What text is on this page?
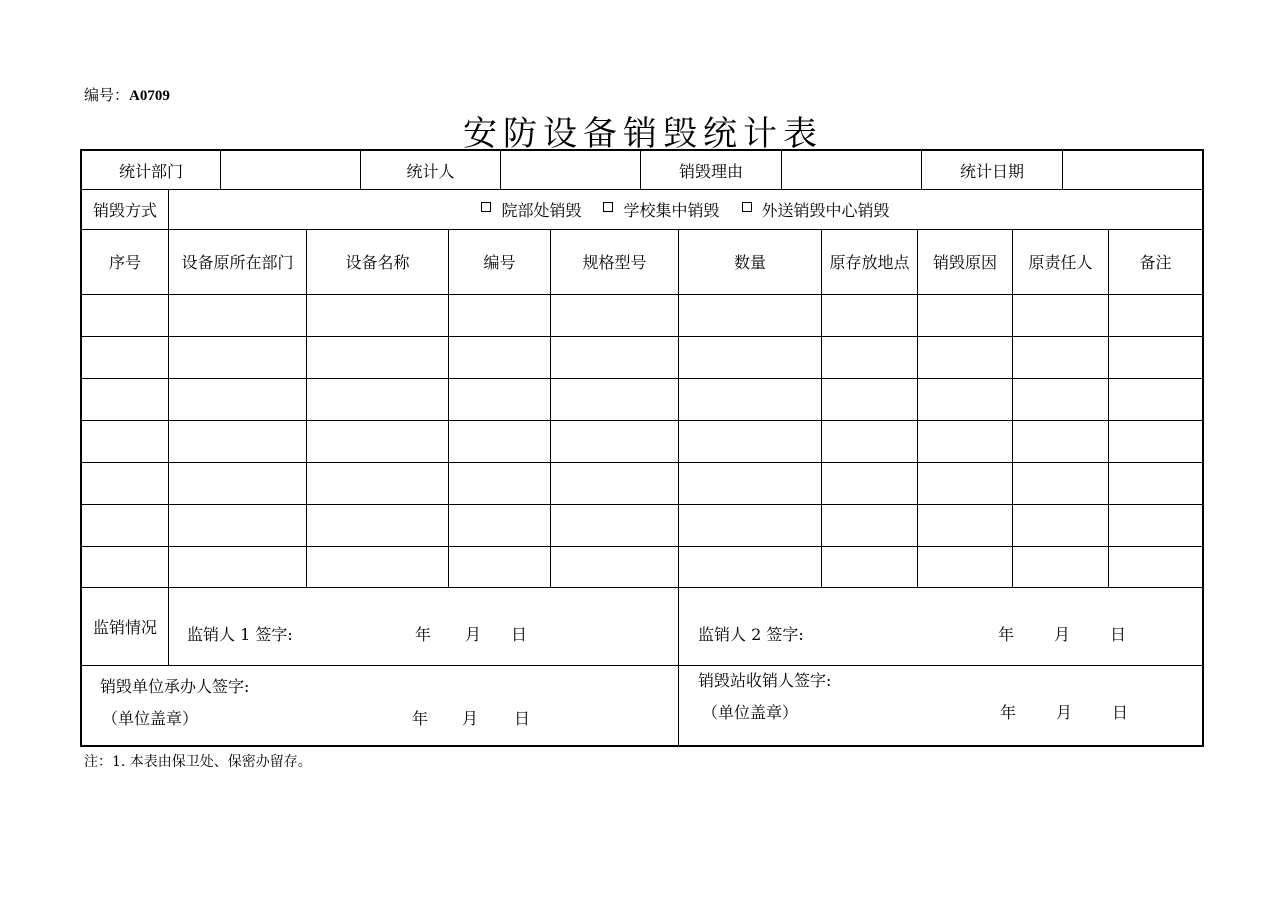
编号：A0709
安防设备销毁统计表
统计部门	统计人	销毁理由	统计日期
销毁方式	院部处销毁	学校集中销毁	外送销毁中心销毁
序号	设备原所在部门	设备名称	编号	规格型号	数量	原存放地点	销毁原因	原责任人	备注
监销情况	监销人 1 签字:	年 月 日	监销人 2 签字:	年	月	日
销毁单位承办人签字:
（单位盖章）	年 月 日
销毁站收销人签字:
（单位盖章）	年	月	日
注：1. 本表由保卫处、保密办留存。
